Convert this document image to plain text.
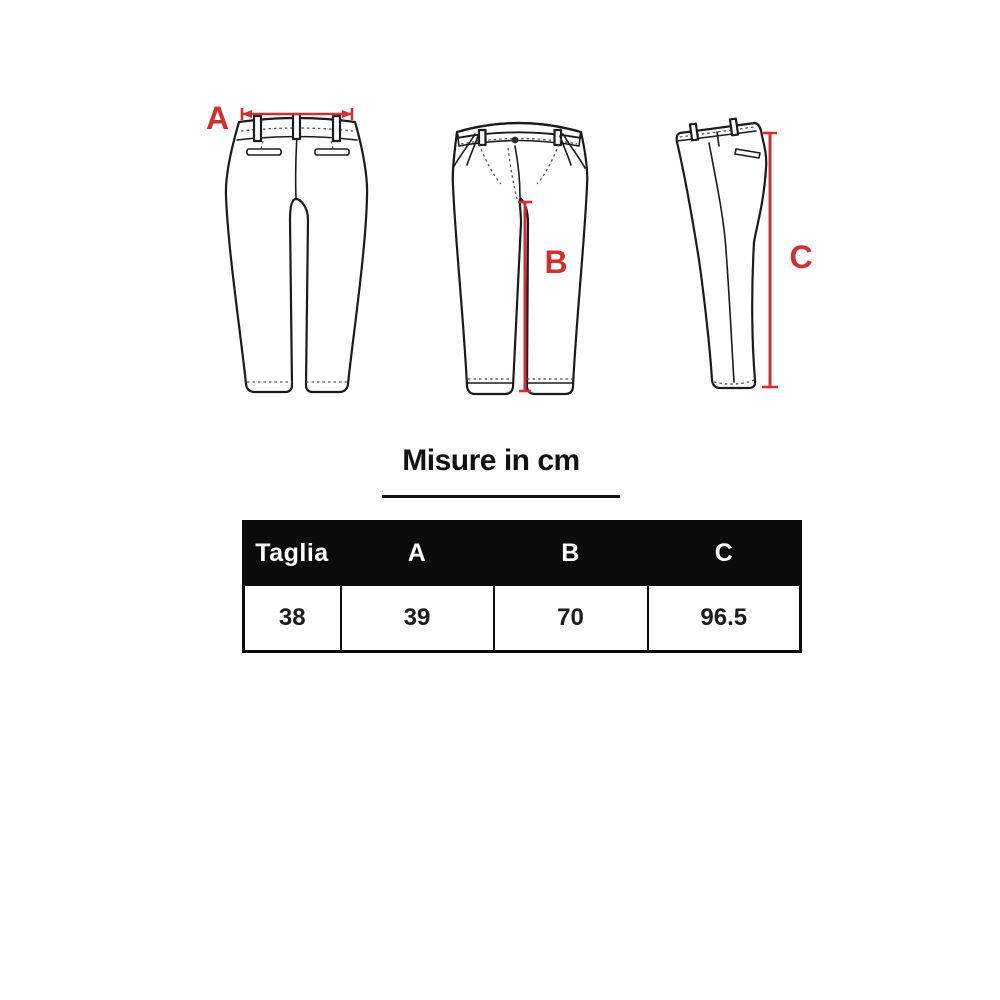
A
B	C
Misure in cm
Taglia	A	B	C
38	39	70	96.5
